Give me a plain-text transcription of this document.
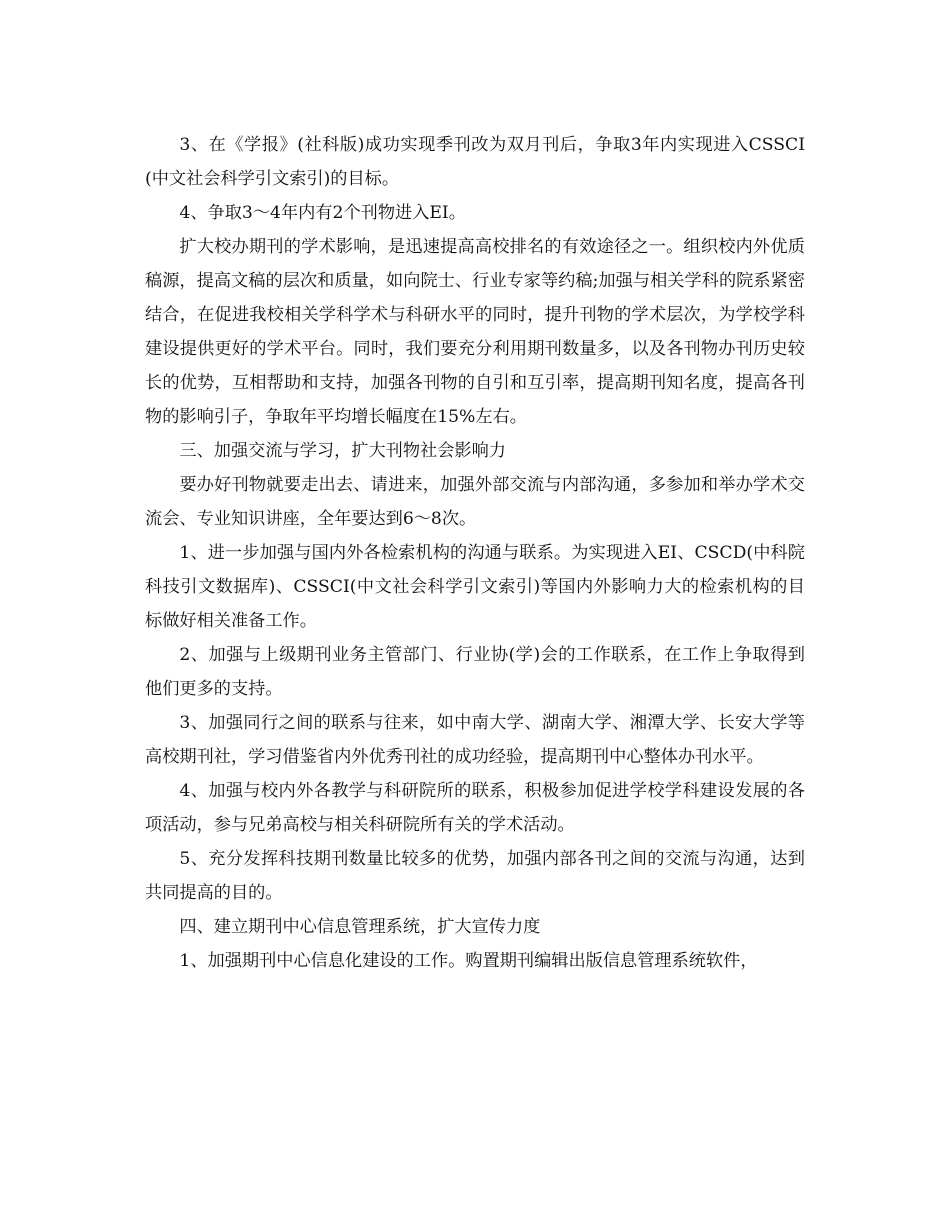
3、在《学报》(社科版)成功实现季刊改为双月刊后，争取3年内实现进入CSSCI(中文社会科学引文索引)的目标。

4、争取3～4年内有2个刊物进入EI。

扩大校办期刊的学术影响，是迅速提高高校排名的有效途径之一。组织校内外优质稿源，提高文稿的层次和质量，如向院士、行业专家等约稿;加强与相关学科的院系紧密结合，在促进我校相关学科学术与科研水平的同时，提升刊物的学术层次，为学校学科建设提供更好的学术平台。同时，我们要充分利用期刊数量多，以及各刊物办刊历史较长的优势，互相帮助和支持，加强各刊物的自引和互引率，提高期刊知名度，提高各刊物的影响引子，争取年平均增长幅度在15%左右。

三、加强交流与学习，扩大刊物社会影响力

要办好刊物就要走出去、请进来，加强外部交流与内部沟通，多参加和举办学术交流会、专业知识讲座，全年要达到6～8次。

1、进一步加强与国内外各检索机构的沟通与联系。为实现进入EI、CSCD(中科院科技引文数据库)、CSSCI(中文社会科学引文索引)等国内外影响力大的检索机构的目标做好相关准备工作。

2、加强与上级期刊业务主管部门、行业协(学)会的工作联系，在工作上争取得到他们更多的支持。

3、加强同行之间的联系与往来，如中南大学、湖南大学、湘潭大学、长安大学等高校期刊社，学习借鉴省内外优秀刊社的成功经验，提高期刊中心整体办刊水平。

4、加强与校内外各教学与科研院所的联系，积极参加促进学校学科建设发展的各项活动，参与兄弟高校与相关科研院所有关的学术活动。

5、充分发挥科技期刊数量比较多的优势，加强内部各刊之间的交流与沟通，达到共同提高的目的。

四、建立期刊中心信息管理系统，扩大宣传力度

1、加强期刊中心信息化建设的工作。购置期刊编辑出版信息管理系统软件，
